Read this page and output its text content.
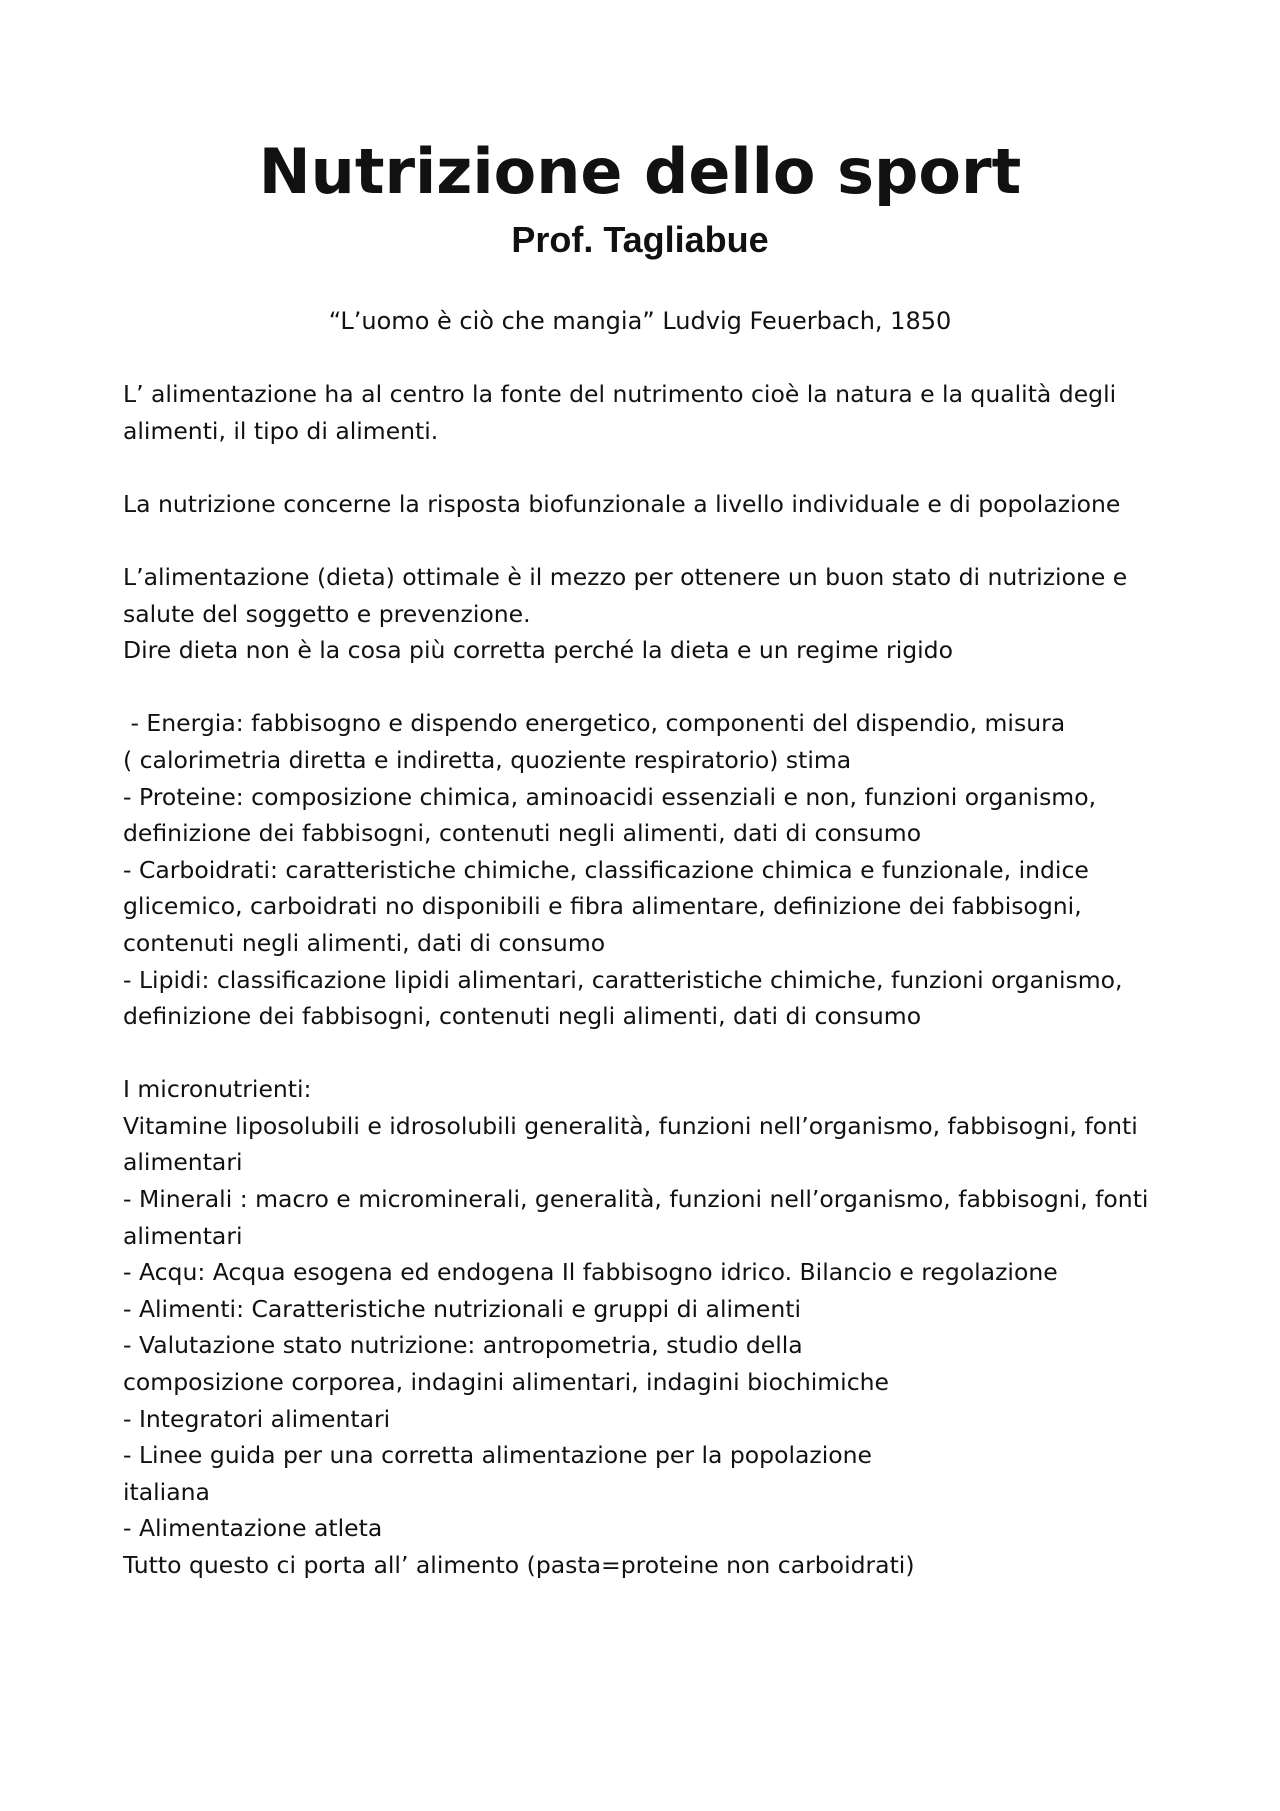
Nutrizione dello sport
Prof. Tagliabue

“L’uomo è ciò che mangia” Ludvig Feuerbach, 1850

L’ alimentazione ha al centro la fonte del nutrimento cioè la natura e la qualità degli
alimenti, il tipo di alimenti.
La nutrizione concerne la risposta biofunzionale a livello individuale e di popolazione
L’alimentazione (dieta) ottimale è il mezzo per ottenere un buon stato di nutrizione e
salute del soggetto e prevenzione.
Dire dieta non è la cosa più corretta perché la dieta e un regime rigido
- Energia: fabbisogno e dispendo energetico, componenti del dispendio, misura
( calorimetria diretta e indiretta, quoziente respiratorio) stima
- Proteine: composizione chimica, aminoacidi essenziali e non, funzioni organismo,
definizione dei fabbisogni, contenuti negli alimenti, dati di consumo
- Carboidrati: caratteristiche chimiche, classificazione chimica e funzionale, indice
glicemico, carboidrati no disponibili e fibra alimentare, definizione dei fabbisogni,
contenuti negli alimenti, dati di consumo
- Lipidi: classificazione lipidi alimentari, caratteristiche chimiche, funzioni organismo,
definizione dei fabbisogni, contenuti negli alimenti, dati di consumo
I micronutrienti:
Vitamine liposolubili e idrosolubili generalità, funzioni nell’organismo, fabbisogni, fonti
alimentari
- Minerali : macro e microminerali, generalità, funzioni nell’organismo, fabbisogni, fonti
alimentari
- Acqu: Acqua esogena ed endogena Il fabbisogno idrico. Bilancio e regolazione
- Alimenti: Caratteristiche nutrizionali e gruppi di alimenti
- Valutazione stato nutrizione: antropometria, studio della
composizione corporea, indagini alimentari, indagini biochimiche
- Integratori alimentari
- Linee guida per una corretta alimentazione per la popolazione
italiana
- Alimentazione atleta
Tutto questo ci porta all’ alimento (pasta=proteine non carboidrati)
